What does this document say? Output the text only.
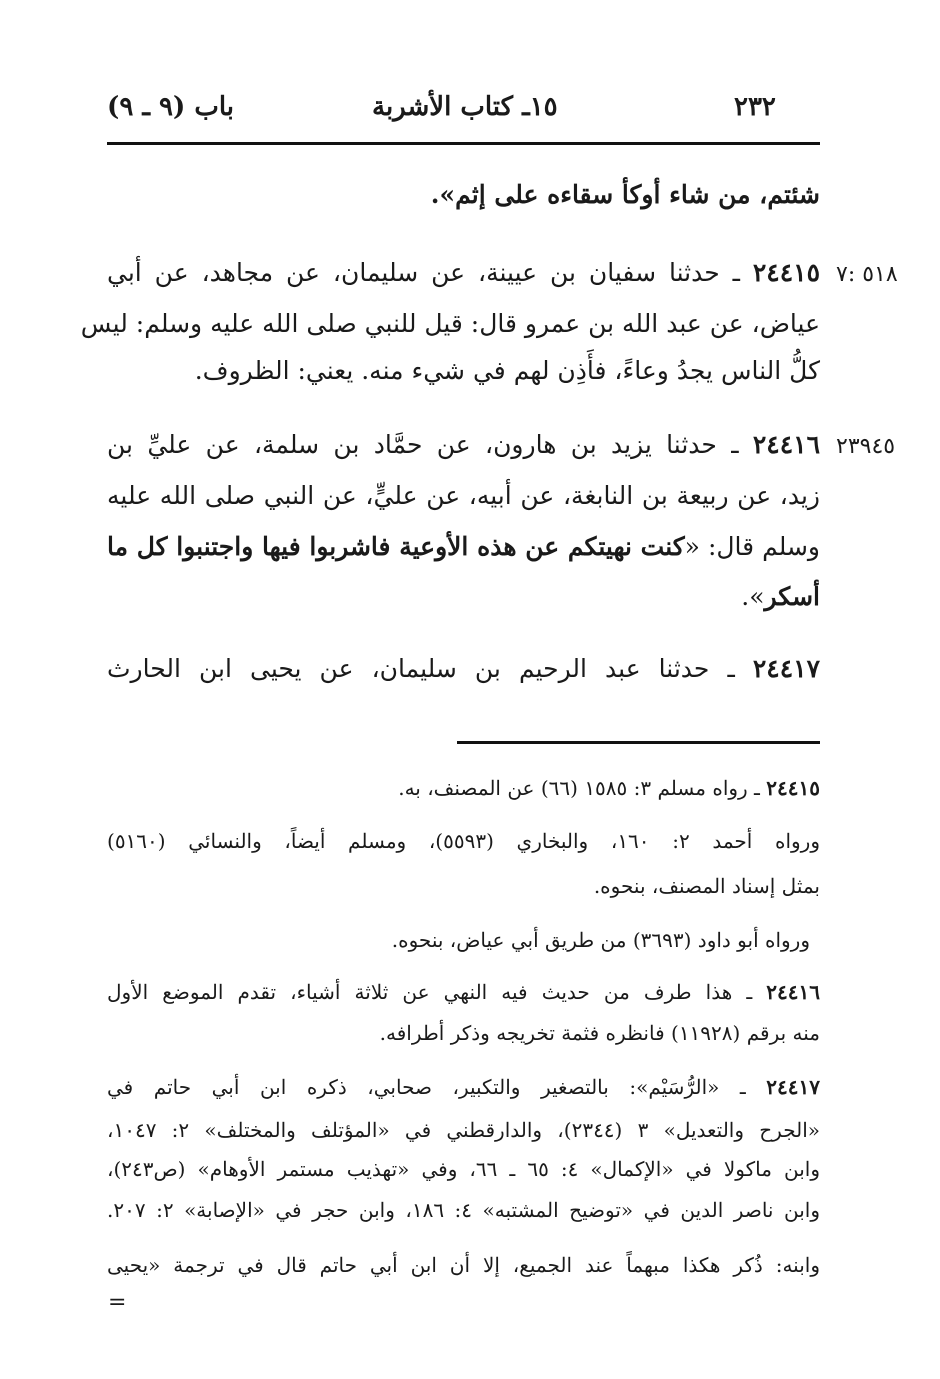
٢٣٢
١٥ـ كتاب الأشربة
باب (٩ ـ ٩)
شئتم، من شاء أوكأ سقاءه على إثم».
٥١٨ :٧
٢٤٤١٥ ـ حدثنا سفيان بن عيينة، عن سليمان، عن مجاهد، عن أبي
عياض، عن عبد الله بن عمرو قال: قيل للنبي صلى الله عليه وسلم: ليس
كلُّ الناس يجدُ وعاءً، فأَذِن لهم في شيء منه. يعني: الظروف.
٢٣٩٤٥
٢٤٤١٦ ـ حدثنا يزيد بن هارون، عن حمَّاد بن سلمة، عن عليِّ بن
زيد، عن ربيعة بن النابغة، عن أبيه، عن عليٍّ، عن النبي صلى الله عليه
وسلم قال: «كنت نهيتكم عن هذه الأوعية فاشربوا فيها واجتنبوا كل ما
أسكر».
٢٤٤١٧ ـ حدثنا عبد الرحيم بن سليمان، عن يحيى ابن الحارث
٢٤٤١٥ ـ رواه مسلم ٣: ١٥٨٥ (٦٦) عن المصنف، به.
ورواه أحمد ٢: ١٦٠، والبخاري (٥٥٩٣)، ومسلم أيضاً، والنسائي (٥١٦٠)
بمثل إسناد المصنف، بنحوه.
ورواه أبو داود (٣٦٩٣) من طريق أبي عياض، بنحوه.
٢٤٤١٦ ـ هذا طرف من حديث فيه النهي عن ثلاثة أشياء، تقدم الموضع الأول
منه برقم (١١٩٢٨) فانظره فثمة تخريجه وذكر أطرافه.
٢٤٤١٧ ـ «الرُّسَيْم»: بالتصغير والتكبير، صحابي، ذكره ابن أبي حاتم في
«الجرح والتعديل» ٣ (٢٣٤٤)، والدارقطني في «المؤتلف والمختلف» ٢: ١٠٤٧،
وابن ماكولا في «الإكمال» ٤: ٦٥ ـ ٦٦، وفي «تهذيب مستمر الأوهام» (ص٢٤٣)،
وابن ناصر الدين في «توضيح المشتبه» ٤: ١٨٦، وابن حجر في «الإصابة» ٢: ٢٠٧.
وابنه: ذُكر هكذا مبهماً عند الجميع، إلا أن ابن أبي حاتم قال في ترجمة «يحيى
=
